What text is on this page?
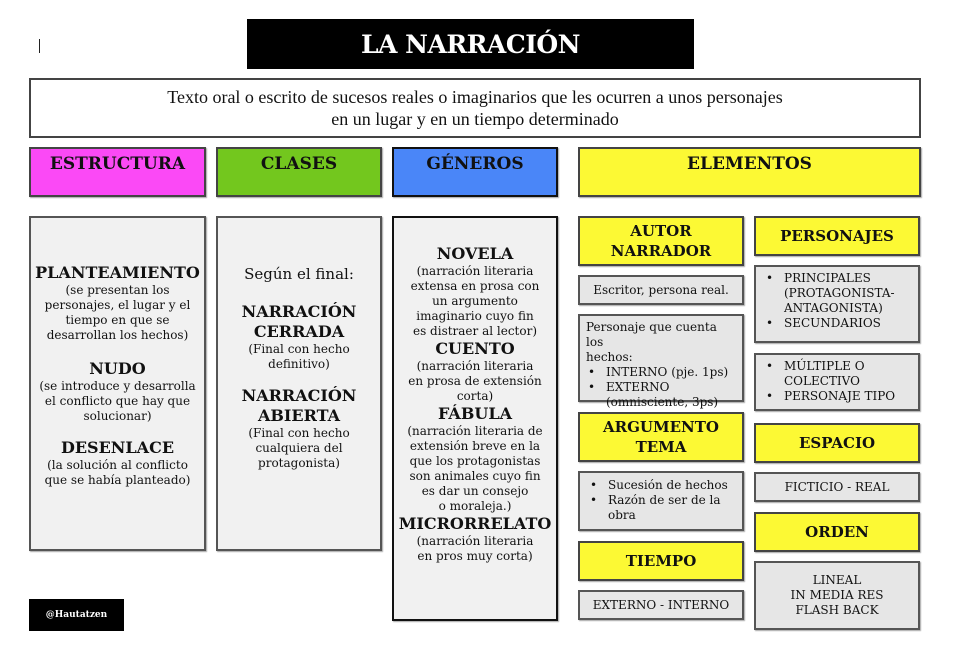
LA NARRACIÓN
Texto oral o escrito de sucesos reales o imaginarios que les ocurren a unos personajes
en un lugar y en un tiempo determinado
ESTRUCTURA	CLASES	GÉNEROS	ELEMENTOS
PLANTEAMIENTO
(se presentan los
personajes, el lugar y el
tiempo en que se
desarrollan los hechos)
NUDO
(se introduce y desarrolla
el conflicto que hay que
solucionar)
DESENLACE
(la solución al conflicto
que se había planteado)
Según el final:
NARRACIÓN
CERRADA
(Final con hecho
definitivo)
NARRACIÓN
ABIERTA
(Final con hecho
cualquiera del
protagonista)
NOVELA
(narración literaria
extensa en prosa con
un argumento
imaginario cuyo fin
es distraer al lector)
CUENTO
(narración literaria
en prosa de extensión
corta)
FÁBULA
(narración literaria de
extensión breve en la
que los protagonistas
son animales cuyo fin
es dar un consejo
o moraleja.)
MICRORRELATO
(narración literaria
en pros muy corta)
AUTOR
NARRADOR
Escritor, persona real.
Personaje que cuenta los
hechos:
• INTERNO (pje. 1ps)
• EXTERNO
(omnisciente, 3ps)
ARGUMENTO
TEMA
• Sucesión de hechos
• Razón de ser de la
obra
TIEMPO
EXTERNO - INTERNO
PERSONAJES
• PRINCIPALES
(PROTAGONISTA-
ANTAGONISTA)
• SECUNDARIOS
• MÚLTIPLE O
COLECTIVO
• PERSONAJE TIPO
ESPACIO
FICTICIO - REAL
ORDEN
LINEAL
IN MEDIA RES
FLASH BACK
@Hautatzen
